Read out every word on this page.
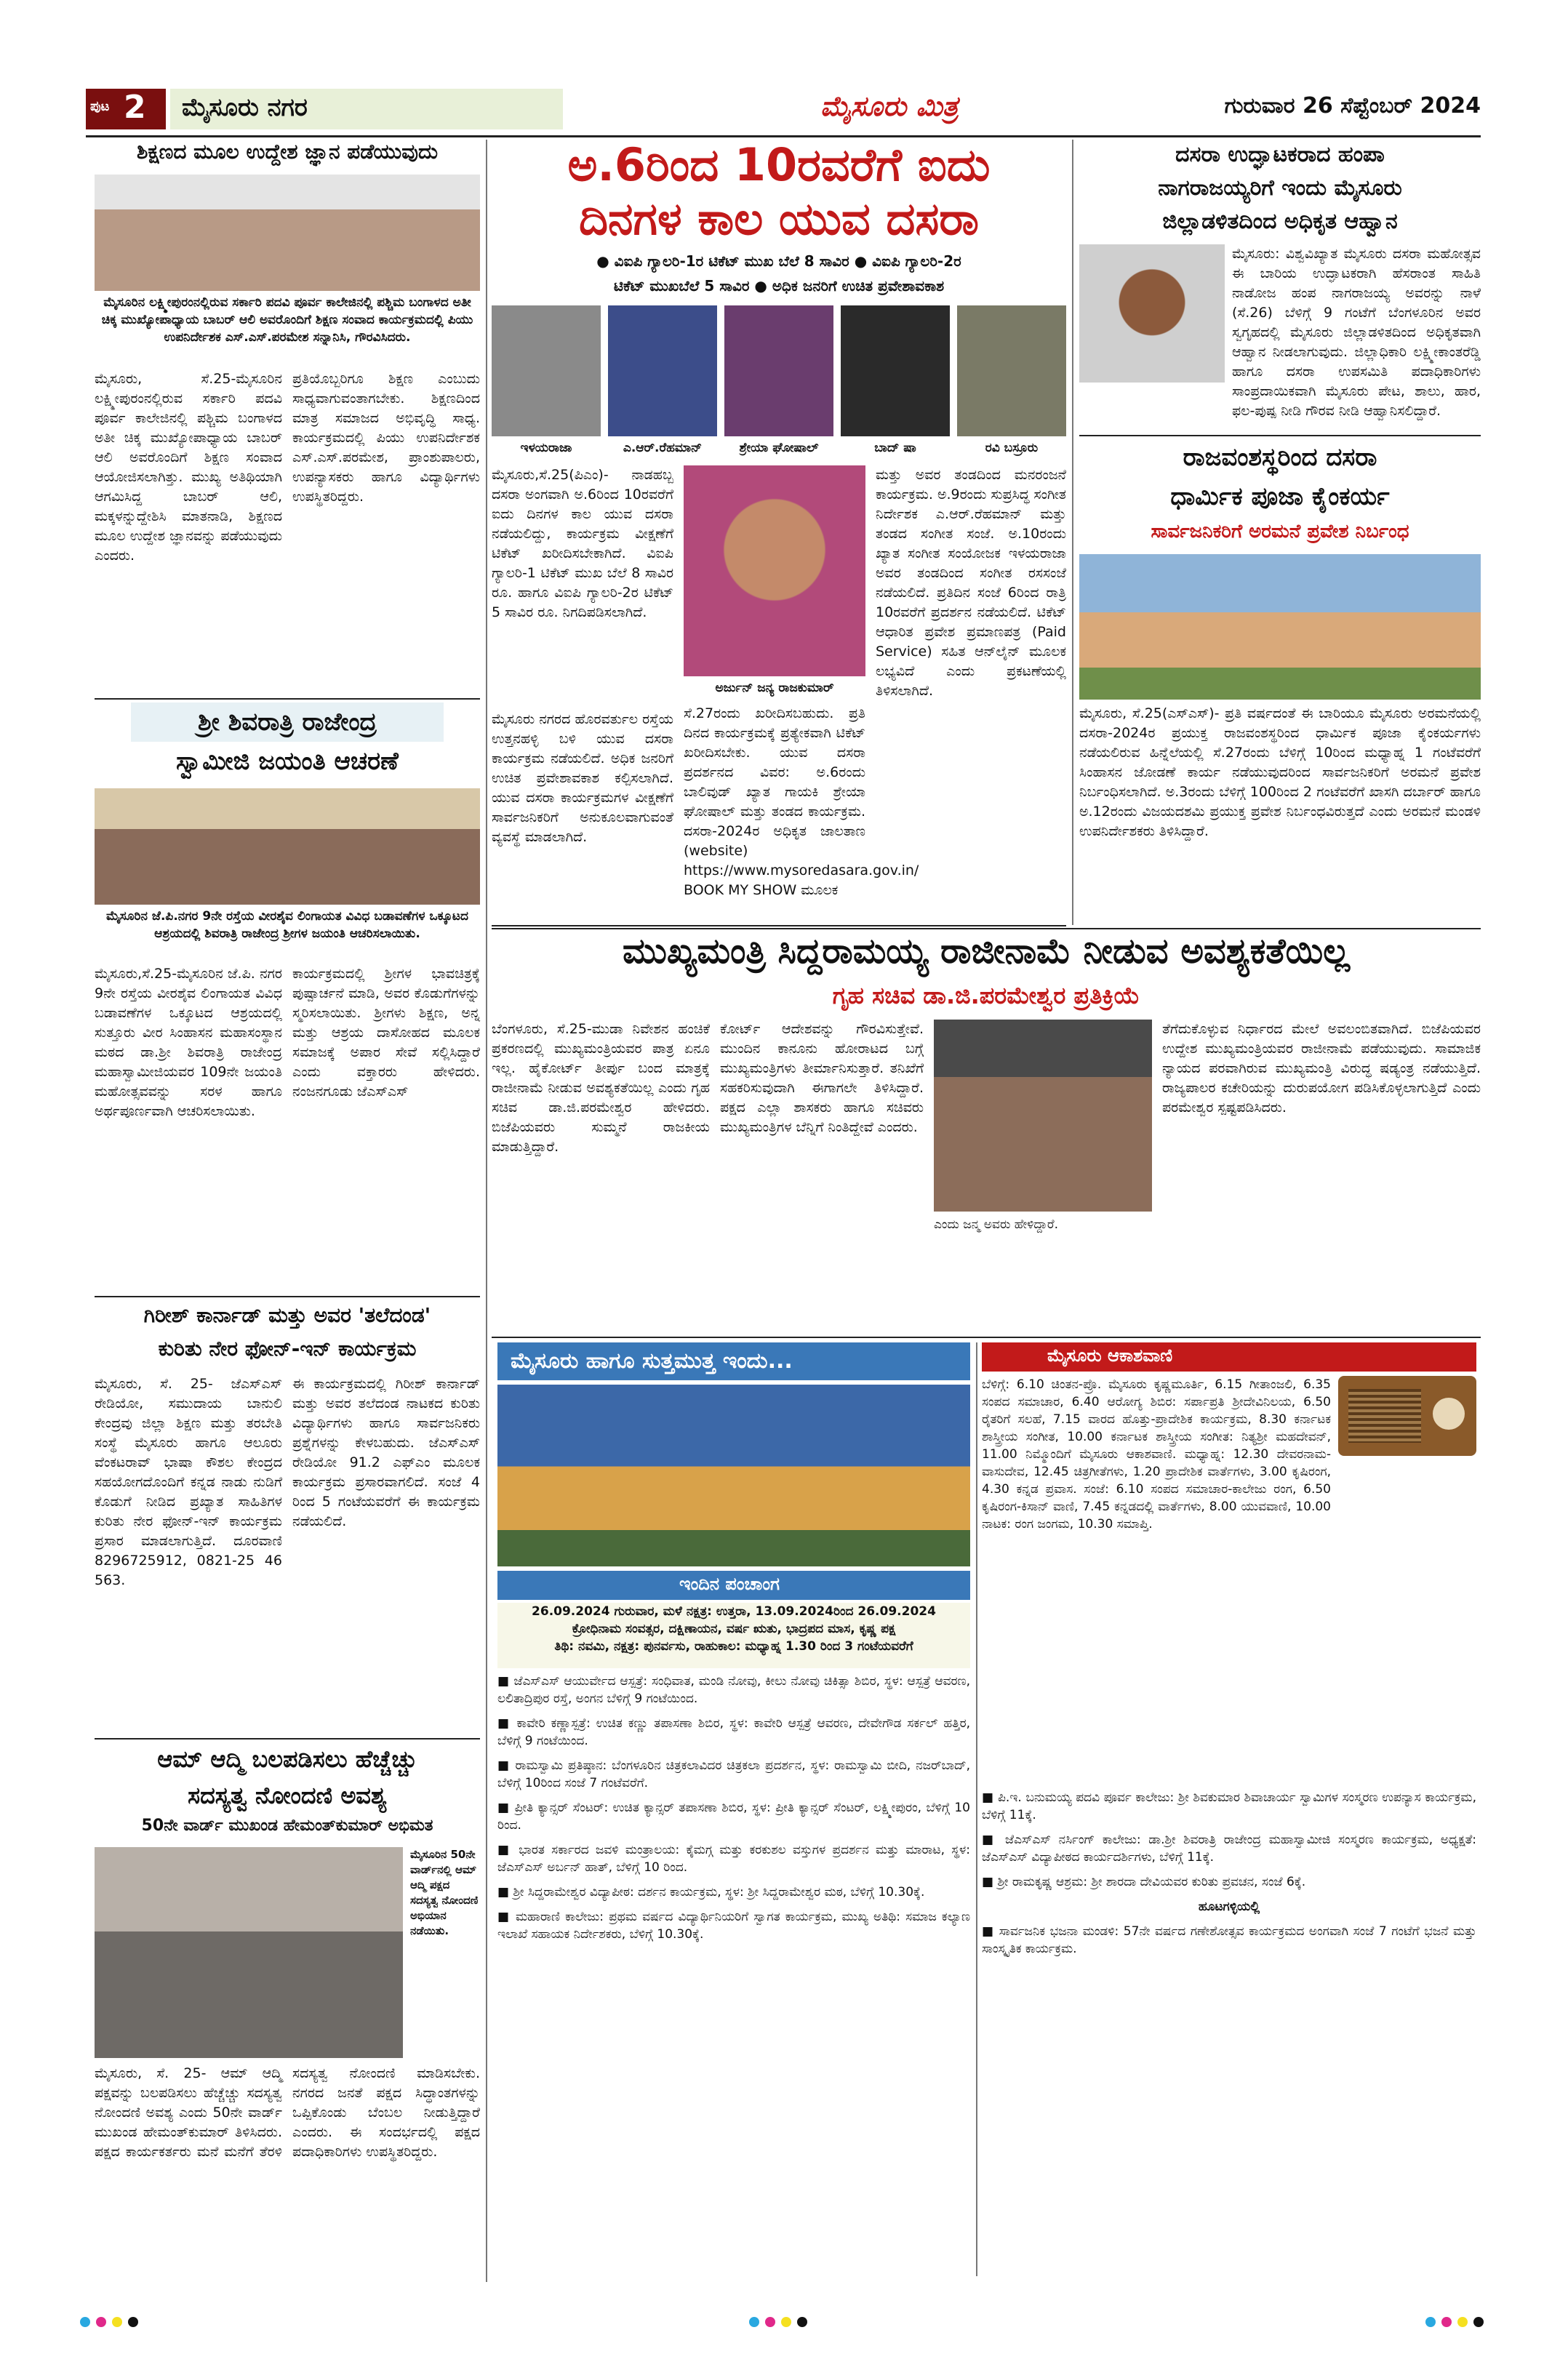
ಪುಟ 2 ಮೈಸೂರು ನಗರ	ಮೈಸೂರು ಮಿತ್ರ	ಗುರುವಾರ 26 ಸೆಪ್ಟೆಂಬರ್ 2024
ಶಿಕ್ಷಣದ ಮೂಲ ಉದ್ದೇಶ ಜ್ಞಾನ ಪಡೆಯುವುದು
ಮೈಸೂರಿನ ಲಕ್ಷ್ಮೀಪುರಂನಲ್ಲಿರುವ ಸರ್ಕಾರಿ ಪದವಿ ಪೂರ್ವ ಕಾಲೇಜಿನಲ್ಲಿ ಪಶ್ಚಿಮ ಬಂಗಾಳದ ಅತೀ ಚಿಕ್ಕ ಮುಖ್ಯೋಪಾಧ್ಯಾಯ ಬಾಬರ್ ಆಲಿ ಅವರೊಂದಿಗೆ ಶಿಕ್ಷಣ ಸಂವಾದ ಕಾರ್ಯಕ್ರಮದಲ್ಲಿ ಪಿಯು ಉಪನಿರ್ದೇಶಕ ಎಸ್.ಎಸ್.ಪರಮೇಶ ಸನ್ನಾನಿಸಿ, ಗೌರವಿಸಿದರು.
ಮೈಸೂರು, ಸೆ.25-ಮೈಸೂರಿನ ಲಕ್ಷ್ಮೀಪುರಂನಲ್ಲಿರುವ ಸರ್ಕಾರಿ ಪದವಿ ಪೂರ್ವ ಕಾಲೇಜಿನಲ್ಲಿ ಪಶ್ಚಿಮ ಬಂಗಾಳದ ಅತೀ ಚಿಕ್ಕ ಮುಖ್ಯೋಪಾಧ್ಯಾಯ ಬಾಬರ್ ಆಲಿ ಅವರೊಂದಿಗೆ ಶಿಕ್ಷಣ ಸಂವಾದ ಆಯೋಜಿಸಲಾಗಿತ್ತು. ಮುಖ್ಯ ಅತಿಥಿಯಾಗಿ ಆಗಮಿಸಿದ್ದ ಬಾಬರ್ ಆಲಿ, ಮಕ್ಕಳನ್ನುದ್ದೇಶಿಸಿ ಮಾತನಾಡಿ, ಶಿಕ್ಷಣದ ಮೂಲ ಉದ್ದೇಶ ಜ್ಞಾನವನ್ನು ಪಡೆಯುವುದು ಎಂದರು.
ಪ್ರತಿಯೊಬ್ಬರಿಗೂ ಶಿಕ್ಷಣ ಎಂಬುದು ಸಾಧ್ಯವಾಗುವಂತಾಗಬೇಕು. ಶಿಕ್ಷಣದಿಂದ ಮಾತ್ರ ಸಮಾಜದ ಅಭಿವೃದ್ಧಿ ಸಾಧ್ಯ. ಕಾರ್ಯಕ್ರಮದಲ್ಲಿ ಪಿಯು ಉಪನಿರ್ದೇಶಕ ಎಸ್.ಎಸ್.ಪರಮೇಶ, ಪ್ರಾಂಶುಪಾಲರು, ಉಪನ್ಯಾಸಕರು ಹಾಗೂ ವಿದ್ಯಾರ್ಥಿಗಳು ಉಪಸ್ಥಿತರಿದ್ದರು.
ಶ್ರೀ ಶಿವರಾತ್ರಿ ರಾಜೇಂದ್ರ
ಸ್ವಾಮೀಜಿ ಜಯಂತಿ ಆಚರಣೆ
ಮೈಸೂರಿನ ಜೆ.ಪಿ.ನಗರ 9ನೇ ರಸ್ತೆಯ ವೀರಶೈವ ಲಿಂಗಾಯತ ವಿವಿಧ ಬಡಾವಣೆಗಳ ಒಕ್ಕೂಟದ ಆಶ್ರಯದಲ್ಲಿ ಶಿವರಾತ್ರಿ ರಾಜೇಂದ್ರ ಶ್ರೀಗಳ ಜಯಂತಿ ಆಚರಿಸಲಾಯಿತು.
ಮೈಸೂರು,ಸೆ.25-ಮೈಸೂರಿನ ಜೆ.ಪಿ. ನಗರ 9ನೇ ರಸ್ತೆಯ ವೀರಶೈವ ಲಿಂಗಾಯತ ವಿವಿಧ ಬಡಾವಣೆಗಳ ಒಕ್ಕೂಟದ ಆಶ್ರಯದಲ್ಲಿ ಸುತ್ತೂರು ವೀರ ಸಿಂಹಾಸನ ಮಹಾಸಂಸ್ಥಾನ ಮಠದ ಡಾ.ಶ್ರೀ ಶಿವರಾತ್ರಿ ರಾಜೇಂದ್ರ ಮಹಾಸ್ವಾಮೀಜಿಯವರ 109ನೇ ಜಯಂತಿ ಮಹೋತ್ಸವವನ್ನು ಸರಳ ಹಾಗೂ ಅರ್ಥಪೂರ್ಣವಾಗಿ ಆಚರಿಸಲಾಯಿತು.
ಕಾರ್ಯಕ್ರಮದಲ್ಲಿ ಶ್ರೀಗಳ ಭಾವಚಿತ್ರಕ್ಕೆ ಪುಷ್ಪಾರ್ಚನೆ ಮಾಡಿ, ಅವರ ಕೊಡುಗೆಗಳನ್ನು ಸ್ಮರಿಸಲಾಯಿತು. ಶ್ರೀಗಳು ಶಿಕ್ಷಣ, ಅನ್ನ ಮತ್ತು ಆಶ್ರಯ ದಾಸೋಹದ ಮೂಲಕ ಸಮಾಜಕ್ಕೆ ಅಪಾರ ಸೇವೆ ಸಲ್ಲಿಸಿದ್ದಾರೆ ಎಂದು ವಕ್ತಾರರು ಹೇಳಿದರು. ನಂಜನಗೂಡು ಜೆಎಸ್ಎಸ್
ಗಿರೀಶ್ ಕಾರ್ನಾಡ್ ಮತ್ತು ಅವರ 'ತಲೆದಂಡ'
ಕುರಿತು ನೇರ ಫೋನ್-ಇನ್ ಕಾರ್ಯಕ್ರಮ
ಮೈಸೂರು, ಸೆ. 25- ಜೆಎಸ್ಎಸ್ ರೇಡಿಯೋ, ಸಮುದಾಯ ಬಾನುಲಿ ಕೇಂದ್ರವು ಜಿಲ್ಲಾ ಶಿಕ್ಷಣ ಮತ್ತು ತರಬೇತಿ ಸಂಸ್ಥೆ ಮೈಸೂರು ಹಾಗೂ ಆಲೂರು ವೆಂಕಟರಾವ್ ಭಾಷಾ ಕೌಶಲ ಕೇಂದ್ರದ ಸಹಯೋಗದೊಂದಿಗೆ ಕನ್ನಡ ನಾಡು ನುಡಿಗೆ ಕೊಡುಗೆ ನೀಡಿದ ಪ್ರಖ್ಯಾತ ಸಾಹಿತಿಗಳ ಕುರಿತು ನೇರ ಫೋನ್-ಇನ್ ಕಾರ್ಯಕ್ರಮ ಪ್ರಸಾರ ಮಾಡಲಾಗುತ್ತಿದೆ. ದೂರವಾಣಿ 8296725912, 0821-25 46 563.
ಈ ಕಾರ್ಯಕ್ರಮದಲ್ಲಿ ಗಿರೀಶ್ ಕಾರ್ನಾಡ್ ಮತ್ತು ಅವರ ತಲೆದಂಡ ನಾಟಕದ ಕುರಿತು ವಿದ್ಯಾರ್ಥಿಗಳು ಹಾಗೂ ಸಾರ್ವಜನಿಕರು ಪ್ರಶ್ನೆಗಳನ್ನು ಕೇಳಬಹುದು. ಜೆಎಸ್ಎಸ್ ರೇಡಿಯೋ 91.2 ಎಫ್ಎಂ ಮೂಲಕ ಕಾರ್ಯಕ್ರಮ ಪ್ರಸಾರವಾಗಲಿದೆ. ಸಂಜೆ 4 ರಿಂದ 5 ಗಂಟೆಯವರೆಗೆ ಈ ಕಾರ್ಯಕ್ರಮ ನಡೆಯಲಿದೆ.
ಆಮ್ ಆದ್ಮಿ ಬಲಪಡಿಸಲು ಹೆಚ್ಚೆಚ್ಚು
ಸದಸ್ಯತ್ವ ನೋಂದಣಿ ಅವಶ್ಯ
50ನೇ ವಾರ್ಡ್ ಮುಖಂಡ ಹೇಮಂತ್‌ಕುಮಾರ್ ಅಭಿಮತ
ಮೈಸೂರಿನ 50ನೇ ವಾರ್ಡ್‌ನಲ್ಲಿ ಆಮ್ ಆದ್ಮಿ ಪಕ್ಷದ ಸದಸ್ಯತ್ವ ನೋಂದಣಿ ಅಭಿಯಾನ ನಡೆಯಿತು.
ಮೈಸೂರು, ಸೆ. 25- ಆಮ್ ಆದ್ಮಿ ಪಕ್ಷವನ್ನು ಬಲಪಡಿಸಲು ಹೆಚ್ಚೆಚ್ಚು ಸದಸ್ಯತ್ವ ನೋಂದಣಿ ಅವಶ್ಯ ಎಂದು 50ನೇ ವಾರ್ಡ್ ಮುಖಂಡ ಹೇಮಂತ್‌ಕುಮಾರ್ ತಿಳಿಸಿದರು. ಪಕ್ಷದ ಕಾರ್ಯಕರ್ತರು ಮನೆ ಮನೆಗೆ ತೆರಳಿ ಸದಸ್ಯತ್ವ ನೋಂದಣಿ ಮಾಡಿಸಬೇಕು. ನಗರದ ಜನತೆ ಪಕ್ಷದ ಸಿದ್ಧಾಂತಗಳನ್ನು ಒಪ್ಪಿಕೊಂಡು ಬೆಂಬಲ ನೀಡುತ್ತಿದ್ದಾರೆ ಎಂದರು. ಈ ಸಂದರ್ಭದಲ್ಲಿ ಪಕ್ಷದ ಪದಾಧಿಕಾರಿಗಳು ಉಪಸ್ಥಿತರಿದ್ದರು.
ಅ.6ರಿಂದ 10ರವರೆಗೆ ಐದು
ದಿನಗಳ ಕಾಲ ಯುವ ದಸರಾ
● ವಿಐಪಿ ಗ್ಯಾಲರಿ-1ರ ಟಿಕೆಟ್ ಮುಖ ಬೆಲೆ 8 ಸಾವಿರ ● ವಿಐಪಿ ಗ್ಯಾಲರಿ-2ರ
ಟಿಕೆಟ್ ಮುಖಬೆಲೆ 5 ಸಾವಿರ ● ಅಧಿಕ ಜನರಿಗೆ ಉಚಿತ ಪ್ರವೇಶಾವಕಾಶ
ಇಳಯರಾಜಾ	ಎ.ಆರ್.ರೆಹಮಾನ್	ಶ್ರೇಯಾ ಘೋಷಾಲ್	ಬಾದ್ ಷಾ	ರವಿ ಬಸ್ರೂರು
ಮೈಸೂರು,ಸೆ.25(ಪಿಎಂ)- ನಾಡಹಬ್ಬ ದಸರಾ ಅಂಗವಾಗಿ ಅ.6ರಿಂದ 10ರವರೆಗೆ ಐದು ದಿನಗಳ ಕಾಲ ಯುವ ದಸರಾ ನಡೆಯಲಿದ್ದು, ಕಾರ್ಯಕ್ರಮ ವೀಕ್ಷಣೆಗೆ ಟಿಕೆಟ್ ಖರೀದಿಸಬೇಕಾಗಿದೆ. ವಿಐಪಿ ಗ್ಯಾಲರಿ-1 ಟಿಕೆಟ್ ಮುಖ ಬೆಲೆ 8 ಸಾವಿರ ರೂ. ಹಾಗೂ ವಿಐಪಿ ಗ್ಯಾಲರಿ-2ರ ಟಿಕೆಟ್ 5 ಸಾವಿರ ರೂ. ನಿಗದಿಪಡಿಸಲಾಗಿದೆ.
ಅರ್ಜುನ್ ಜನ್ಯ ರಾಜಕುಮಾರ್
ಮೈಸೂರು ನಗರದ ಹೊರವರ್ತುಲ ರಸ್ತೆಯ ಉತ್ತನಹಳ್ಳಿ ಬಳಿ ಯುವ ದಸರಾ ಕಾರ್ಯಕ್ರಮ ನಡೆಯಲಿದೆ. ಅಧಿಕ ಜನರಿಗೆ ಉಚಿತ ಪ್ರವೇಶಾವಕಾಶ ಕಲ್ಪಿಸಲಾಗಿದೆ. ಯುವ ದಸರಾ ಕಾರ್ಯಕ್ರಮಗಳ ವೀಕ್ಷಣೆಗೆ ಸಾರ್ವಜನಿಕರಿಗೆ ಅನುಕೂಲವಾಗುವಂತೆ ವ್ಯವಸ್ಥೆ ಮಾಡಲಾಗಿದೆ.
ಸೆ.27ರಂದು ಖರೀದಿಸಬಹುದು. ಪ್ರತಿ ದಿನದ ಕಾರ್ಯಕ್ರಮಕ್ಕೆ ಪ್ರತ್ಯೇಕವಾಗಿ ಟಿಕೆಟ್ ಖರೀದಿಸಬೇಕು. ಯುವ ದಸರಾ ಪ್ರದರ್ಶನದ ವಿವರ: ಅ.6ರಂದು ಬಾಲಿವುಡ್ ಖ್ಯಾತ ಗಾಯಕಿ ಶ್ರೇಯಾ ಘೋಷಾಲ್ ಮತ್ತು ತಂಡದ ಕಾರ್ಯಕ್ರಮ. ದಸರಾ-2024ರ ಅಧಿಕೃತ ಜಾಲತಾಣ (website) https://www.mysoredasara.gov.in/ BOOK MY SHOW ಮೂಲಕ
ಮತ್ತು ಅವರ ತಂಡದಿಂದ ಮನರಂಜನೆ ಕಾರ್ಯಕ್ರಮ. ಅ.9ರಂದು ಸುಪ್ರಸಿದ್ಧ ಸಂಗೀತ ನಿರ್ದೇಶಕ ಎ.ಆರ್.ರೆಹಮಾನ್ ಮತ್ತು ತಂಡದ ಸಂಗೀತ ಸಂಜೆ. ಅ.10ರಂದು ಖ್ಯಾತ ಸಂಗೀತ ಸಂಯೋಜಕ ಇಳಯರಾಜಾ ಅವರ ತಂಡದಿಂದ ಸಂಗೀತ ರಸಸಂಜೆ ನಡೆಯಲಿದೆ. ಪ್ರತಿದಿನ ಸಂಜೆ 6ರಿಂದ ರಾತ್ರಿ 10ರವರೆಗೆ ಪ್ರದರ್ಶನ ನಡೆಯಲಿದೆ. ಟಿಕೆಟ್ ಆಧಾರಿತ ಪ್ರವೇಶ ಪ್ರಮಾಣಪತ್ರ (Paid Service) ಸಹಿತ ಆನ್‌ಲೈನ್ ಮೂಲಕ ಲಭ್ಯವಿದೆ ಎಂದು ಪ್ರಕಟಣೆಯಲ್ಲಿ ತಿಳಿಸಲಾಗಿದೆ.
ದಸರಾ ಉದ್ಘಾಟಕರಾದ ಹಂಪಾ
ನಾಗರಾಜಯ್ಯರಿಗೆ ಇಂದು ಮೈಸೂರು
ಜಿಲ್ಲಾಡಳಿತದಿಂದ ಅಧಿಕೃತ ಆಹ್ವಾನ
ಮೈಸೂರು: ವಿಶ್ವವಿಖ್ಯಾತ ಮೈಸೂರು ದಸರಾ ಮಹೋತ್ಸವ ಈ ಬಾರಿಯ ಉದ್ಘಾಟಕರಾಗಿ ಹೆಸರಾಂತ ಸಾಹಿತಿ ನಾಡೋಜ ಹಂಪ ನಾಗರಾಜಯ್ಯ ಅವರನ್ನು ನಾಳೆ (ಸೆ.26) ಬೆಳಿಗ್ಗೆ 9 ಗಂಟೆಗೆ ಬೆಂಗಳೂರಿನ ಅವರ ಸ್ವಗೃಹದಲ್ಲಿ ಮೈಸೂರು ಜಿಲ್ಲಾಡಳಿತದಿಂದ ಅಧಿಕೃತವಾಗಿ ಆಹ್ವಾನ ನೀಡಲಾಗುವುದು. ಜಿಲ್ಲಾಧಿಕಾರಿ ಲಕ್ಷ್ಮೀಕಾಂತರೆಡ್ಡಿ ಹಾಗೂ ದಸರಾ ಉಪಸಮಿತಿ ಪದಾಧಿಕಾರಿಗಳು ಸಾಂಪ್ರದಾಯಿಕವಾಗಿ ಮೈಸೂರು ಪೇಟ, ಶಾಲು, ಹಾರ, ಫಲ-ಪುಷ್ಪ ನೀಡಿ ಗೌರವ ನೀಡಿ ಆಹ್ವಾನಿಸಲಿದ್ದಾರೆ.
ರಾಜವಂಶಸ್ಥರಿಂದ ದಸರಾ
ಧಾರ್ಮಿಕ ಪೂಜಾ ಕೈಂಕರ್ಯ
ಸಾರ್ವಜನಿಕರಿಗೆ ಅರಮನೆ ಪ್ರವೇಶ ನಿರ್ಬಂಧ
ಮೈಸೂರು, ಸೆ.25(ಎಸ್ಎಸ್)- ಪ್ರತಿ ವರ್ಷದಂತೆ ಈ ಬಾರಿಯೂ ಮೈಸೂರು ಅರಮನೆಯಲ್ಲಿ ದಸರಾ-2024ರ ಪ್ರಯುಕ್ತ ರಾಜವಂಶಸ್ಥರಿಂದ ಧಾರ್ಮಿಕ ಪೂಜಾ ಕೈಂಕರ್ಯಗಳು ನಡೆಯಲಿರುವ ಹಿನ್ನೆಲೆಯಲ್ಲಿ ಸೆ.27ರಂದು ಬೆಳಿಗ್ಗೆ 10ರಿಂದ ಮಧ್ಯಾಹ್ನ 1 ಗಂಟೆವರೆಗೆ ಸಿಂಹಾಸನ ಜೋಡಣೆ ಕಾರ್ಯ ನಡೆಯುವುದರಿಂದ ಸಾರ್ವಜನಿಕರಿಗೆ ಅರಮನೆ ಪ್ರವೇಶ ನಿರ್ಬಂಧಿಸಲಾಗಿದೆ. ಅ.3ರಂದು ಬೆಳಿಗ್ಗೆ 100ರಿಂದ 2 ಗಂಟೆವರೆಗೆ ಖಾಸಗಿ ದರ್ಬಾರ್ ಹಾಗೂ ಅ.12ರಂದು ವಿಜಯದಶಮಿ ಪ್ರಯುಕ್ತ ಪ್ರವೇಶ ನಿರ್ಬಂಧವಿರುತ್ತದೆ ಎಂದು ಅರಮನೆ ಮಂಡಳಿ ಉಪನಿರ್ದೇಶಕರು ತಿಳಿಸಿದ್ದಾರೆ.
ಮುಖ್ಯಮಂತ್ರಿ ಸಿದ್ದರಾಮಯ್ಯ ರಾಜೀನಾಮೆ ನೀಡುವ ಅವಶ್ಯಕತೆಯಿಲ್ಲ
ಗೃಹ ಸಚಿವ ಡಾ.ಜಿ.ಪರಮೇಶ್ವರ ಪ್ರತಿಕ್ರಿಯೆ
ಬೆಂಗಳೂರು, ಸೆ.25-ಮುಡಾ ನಿವೇಶನ ಹಂಚಿಕೆ ಪ್ರಕರಣದಲ್ಲಿ ಮುಖ್ಯಮಂತ್ರಿಯವರ ಪಾತ್ರ ಏನೂ ಇಲ್ಲ. ಹೈಕೋರ್ಟ್ ತೀರ್ಪು ಬಂದ ಮಾತ್ರಕ್ಕೆ ರಾಜೀನಾಮೆ ನೀಡುವ ಅವಶ್ಯಕತೆಯಿಲ್ಲ ಎಂದು ಗೃಹ ಸಚಿವ ಡಾ.ಜಿ.ಪರಮೇಶ್ವರ ಹೇಳಿದರು. ಬಿಜೆಪಿಯವರು ಸುಮ್ಮನೆ ರಾಜಕೀಯ ಮಾಡುತ್ತಿದ್ದಾರೆ.
ಕೋರ್ಟ್ ಆದೇಶವನ್ನು ಗೌರವಿಸುತ್ತೇವೆ. ಮುಂದಿನ ಕಾನೂನು ಹೋರಾಟದ ಬಗ್ಗೆ ಮುಖ್ಯಮಂತ್ರಿಗಳು ತೀರ್ಮಾನಿಸುತ್ತಾರೆ. ತನಿಖೆಗೆ ಸಹಕರಿಸುವುದಾಗಿ ಈಗಾಗಲೇ ತಿಳಿಸಿದ್ದಾರೆ. ಪಕ್ಷದ ಎಲ್ಲಾ ಶಾಸಕರು ಹಾಗೂ ಸಚಿವರು ಮುಖ್ಯಮಂತ್ರಿಗಳ ಬೆನ್ನಿಗೆ ನಿಂತಿದ್ದೇವೆ ಎಂದರು.
ಎಂದು ಜನ್ಮ ಅವರು ಹೇಳಿದ್ದಾರೆ.
ತೆಗೆದುಕೊಳ್ಳುವ ನಿರ್ಧಾರದ ಮೇಲೆ ಅವಲಂಬಿತವಾಗಿದೆ. ಬಿಜೆಪಿಯವರ ಉದ್ದೇಶ ಮುಖ್ಯಮಂತ್ರಿಯವರ ರಾಜೀನಾಮೆ ಪಡೆಯುವುದು. ಸಾಮಾಜಿಕ ನ್ಯಾಯದ ಪರವಾಗಿರುವ ಮುಖ್ಯಮಂತ್ರಿ ವಿರುದ್ಧ ಷಡ್ಯಂತ್ರ ನಡೆಯುತ್ತಿದೆ. ರಾಜ್ಯಪಾಲರ ಕಚೇರಿಯನ್ನು ದುರುಪಯೋಗ ಪಡಿಸಿಕೊಳ್ಳಲಾಗುತ್ತಿದೆ ಎಂದು ಪರಮೇಶ್ವರ ಸ್ಪಷ್ಟಪಡಿಸಿದರು.
ಮೈಸೂರು ಹಾಗೂ ಸುತ್ತಮುತ್ತ ಇಂದು...
ಇಂದಿನ ಪಂಚಾಂಗ
26.09.2024 ಗುರುವಾರ, ಮಳೆ ನಕ್ಷತ್ರ: ಉತ್ತರಾ, 13.09.2024ರಿಂದ 26.09.2024
ಕ್ರೋಧಿನಾಮ ಸಂವತ್ಸರ, ದಕ್ಷಿಣಾಯನ, ವರ್ಷ ಋತು, ಭಾದ್ರಪದ ಮಾಸ, ಕೃಷ್ಣ ಪಕ್ಷ
ತಿಥಿ: ನವಮಿ, ನಕ್ಷತ್ರ: ಪುನರ್ವಸು, ರಾಹುಕಾಲ: ಮಧ್ಯಾಹ್ನ 1.30 ರಿಂದ 3 ಗಂಟೆಯವರೆಗೆ
■ ಜೆಎಸ್ಎಸ್ ಆಯುರ್ವೇದ ಆಸ್ಪತ್ರೆ: ಸಂಧಿವಾತ, ಮಂಡಿ ನೋವು, ಕೀಲು ನೋವು ಚಿಕಿತ್ಸಾ ಶಿಬಿರ, ಸ್ಥಳ: ಆಸ್ಪತ್ರೆ ಆವರಣ, ಲಲಿತಾದ್ರಿಪುರ ರಸ್ತೆ, ಅಂಗನ ಬೆಳಿಗ್ಗೆ 9 ಗಂಟೆಯಿಂದ.
■ ಕಾವೇರಿ ಕಣ್ಣಾಸ್ಪತ್ರೆ: ಉಚಿತ ಕಣ್ಣು ತಪಾಸಣಾ ಶಿಬಿರ, ಸ್ಥಳ: ಕಾವೇರಿ ಆಸ್ಪತ್ರೆ ಆವರಣ, ದೇವೇಗೌಡ ಸರ್ಕಲ್ ಹತ್ತಿರ, ಬೆಳಿಗ್ಗೆ 9 ಗಂಟೆಯಿಂದ.
■ ರಾಮಸ್ವಾಮಿ ಪ್ರತಿಷ್ಠಾನ: ಬೆಂಗಳೂರಿನ ಚಿತ್ರಕಲಾವಿದರ ಚಿತ್ರಕಲಾ ಪ್ರದರ್ಶನ, ಸ್ಥಳ: ರಾಮಸ್ವಾಮಿ ಬೀದಿ, ನಜರ್‌ಬಾದ್, ಬೆಳಿಗ್ಗೆ 10ರಿಂದ ಸಂಜೆ 7 ಗಂಟೆವರೆಗೆ.
■ ಪ್ರೀತಿ ಕ್ಯಾನ್ಸರ್ ಸೆಂಟರ್: ಉಚಿತ ಕ್ಯಾನ್ಸರ್ ತಪಾಸಣಾ ಶಿಬಿರ, ಸ್ಥಳ: ಪ್ರೀತಿ ಕ್ಯಾನ್ಸರ್ ಸೆಂಟರ್, ಲಕ್ಷ್ಮೀಪುರಂ, ಬೆಳಿಗ್ಗೆ 10 ರಿಂದ.
■ ಭಾರತ ಸರ್ಕಾರದ ಜವಳಿ ಮಂತ್ರಾಲಯ: ಕೈಮಗ್ಗ ಮತ್ತು ಕರಕುಶಲ ವಸ್ತುಗಳ ಪ್ರದರ್ಶನ ಮತ್ತು ಮಾರಾಟ, ಸ್ಥಳ: ಜೆಎಸ್ಎಸ್ ಅರ್ಬನ್ ಹಾತ್, ಬೆಳಿಗ್ಗೆ 10 ರಿಂದ.
■ ಶ್ರೀ ಸಿದ್ದರಾಮೇಶ್ವರ ವಿದ್ಯಾಪೀಠ: ದರ್ಶನ ಕಾರ್ಯಕ್ರಮ, ಸ್ಥಳ: ಶ್ರೀ ಸಿದ್ದರಾಮೇಶ್ವರ ಮಠ, ಬೆಳಿಗ್ಗೆ 10.30ಕ್ಕೆ.
■ ಮಹಾರಾಣಿ ಕಾಲೇಜು: ಪ್ರಥಮ ವರ್ಷದ ವಿದ್ಯಾರ್ಥಿನಿಯರಿಗೆ ಸ್ವಾಗತ ಕಾರ್ಯಕ್ರಮ, ಮುಖ್ಯ ಅತಿಥಿ: ಸಮಾಜ ಕಲ್ಯಾಣ ಇಲಾಖೆ ಸಹಾಯಕ ನಿರ್ದೇಶಕರು, ಬೆಳಿಗ್ಗೆ 10.30ಕ್ಕೆ.
ಮೈಸೂರು ಆಕಾಶವಾಣಿ
ಬೆಳಿಗ್ಗೆ: 6.10 ಚಿಂತನ-ಪ್ರೊ. ಮೈಸೂರು ಕೃಷ್ಣಮೂರ್ತಿ, 6.15 ಗೀತಾಂಜಲಿ, 6.35 ಸಂಪದ ಸಮಾಚಾರ, 6.40 ಆರೋಗ್ಯ ಶಿಬಿರ: ಸರ್ಪಾಪ್ರತಿ ಶ್ರೀದೇವಿನಿಲಯ, 6.50 ರೈತರಿಗೆ ಸಲಹೆ, 7.15 ವಾರದ ಹೊತ್ತು-ಪ್ರಾದೇಶಿಕ ಕಾರ್ಯಕ್ರಮ, 8.30 ಕರ್ನಾಟಕ ಶಾಸ್ತ್ರೀಯ ಸಂಗೀತ, 10.00 ಕರ್ನಾಟಕ ಶಾಸ್ತ್ರೀಯ ಸಂಗೀತ: ನಿತ್ಯಶ್ರೀ ಮಹದೇವನ್, 11.00 ನಿಮ್ಮೊಂದಿಗೆ ಮೈಸೂರು ಆಕಾಶವಾಣಿ. ಮಧ್ಯಾಹ್ನ: 12.30 ದೇವರನಾಮ-ವಾಸುದೇವ, 12.45 ಚಿತ್ರಗೀತೆಗಳು, 1.20 ಪ್ರಾದೇಶಿಕ ವಾರ್ತೆಗಳು, 3.00 ಕೃಷಿರಂಗ, 4.30 ಕನ್ನಡ ಪ್ರವಾಸ. ಸಂಜೆ: 6.10 ಸಂಪದ ಸಮಾಚಾರ-ಕಾಲೇಜು ರಂಗ, 6.50 ಕೃಷಿರಂಗ-ಕಿಸಾನ್ ವಾಣಿ, 7.45 ಕನ್ನಡದಲ್ಲಿ ವಾರ್ತೆಗಳು, 8.00 ಯುವವಾಣಿ, 10.00 ನಾಟಕ: ರಂಗ ಜಂಗಮ, 10.30 ಸಮಾಪ್ತಿ.
■ ಪಿ.ಇ. ಬನುಮಯ್ಯ ಪದವಿ ಪೂರ್ವ ಕಾಲೇಜು: ಶ್ರೀ ಶಿವಕುಮಾರ ಶಿವಾಚಾರ್ಯ ಸ್ವಾಮಿಗಳ ಸಂಸ್ಮರಣ ಉಪನ್ಯಾಸ ಕಾರ್ಯಕ್ರಮ, ಬೆಳಿಗ್ಗೆ 11ಕ್ಕೆ.
■ ಜೆಎಸ್ಎಸ್ ನರ್ಸಿಂಗ್ ಕಾಲೇಜು: ಡಾ.ಶ್ರೀ ಶಿವರಾತ್ರಿ ರಾಜೇಂದ್ರ ಮಹಾಸ್ವಾಮೀಜಿ ಸಂಸ್ಮರಣ ಕಾರ್ಯಕ್ರಮ, ಅಧ್ಯಕ್ಷತೆ: ಜೆಎಸ್ಎಸ್ ವಿದ್ಯಾಪೀಠದ ಕಾರ್ಯದರ್ಶಿಗಳು, ಬೆಳಿಗ್ಗೆ 11ಕ್ಕೆ.
■ ಶ್ರೀ ರಾಮಕೃಷ್ಣ ಆಶ್ರಮ: ಶ್ರೀ ಶಾರದಾ ದೇವಿಯವರ ಕುರಿತು ಪ್ರವಚನ, ಸಂಜೆ 6ಕ್ಕೆ.
ಹೂಟಗಳ್ಳಿಯಲ್ಲಿ
■ ಸಾರ್ವಜನಿಕ ಭಜನಾ ಮಂಡಳಿ: 57ನೇ ವರ್ಷದ ಗಣೇಶೋತ್ಸವ ಕಾರ್ಯಕ್ರಮದ ಅಂಗವಾಗಿ ಸಂಜೆ 7 ಗಂಟೆಗೆ ಭಜನೆ ಮತ್ತು ಸಾಂಸ್ಕೃತಿಕ ಕಾರ್ಯಕ್ರಮ.
